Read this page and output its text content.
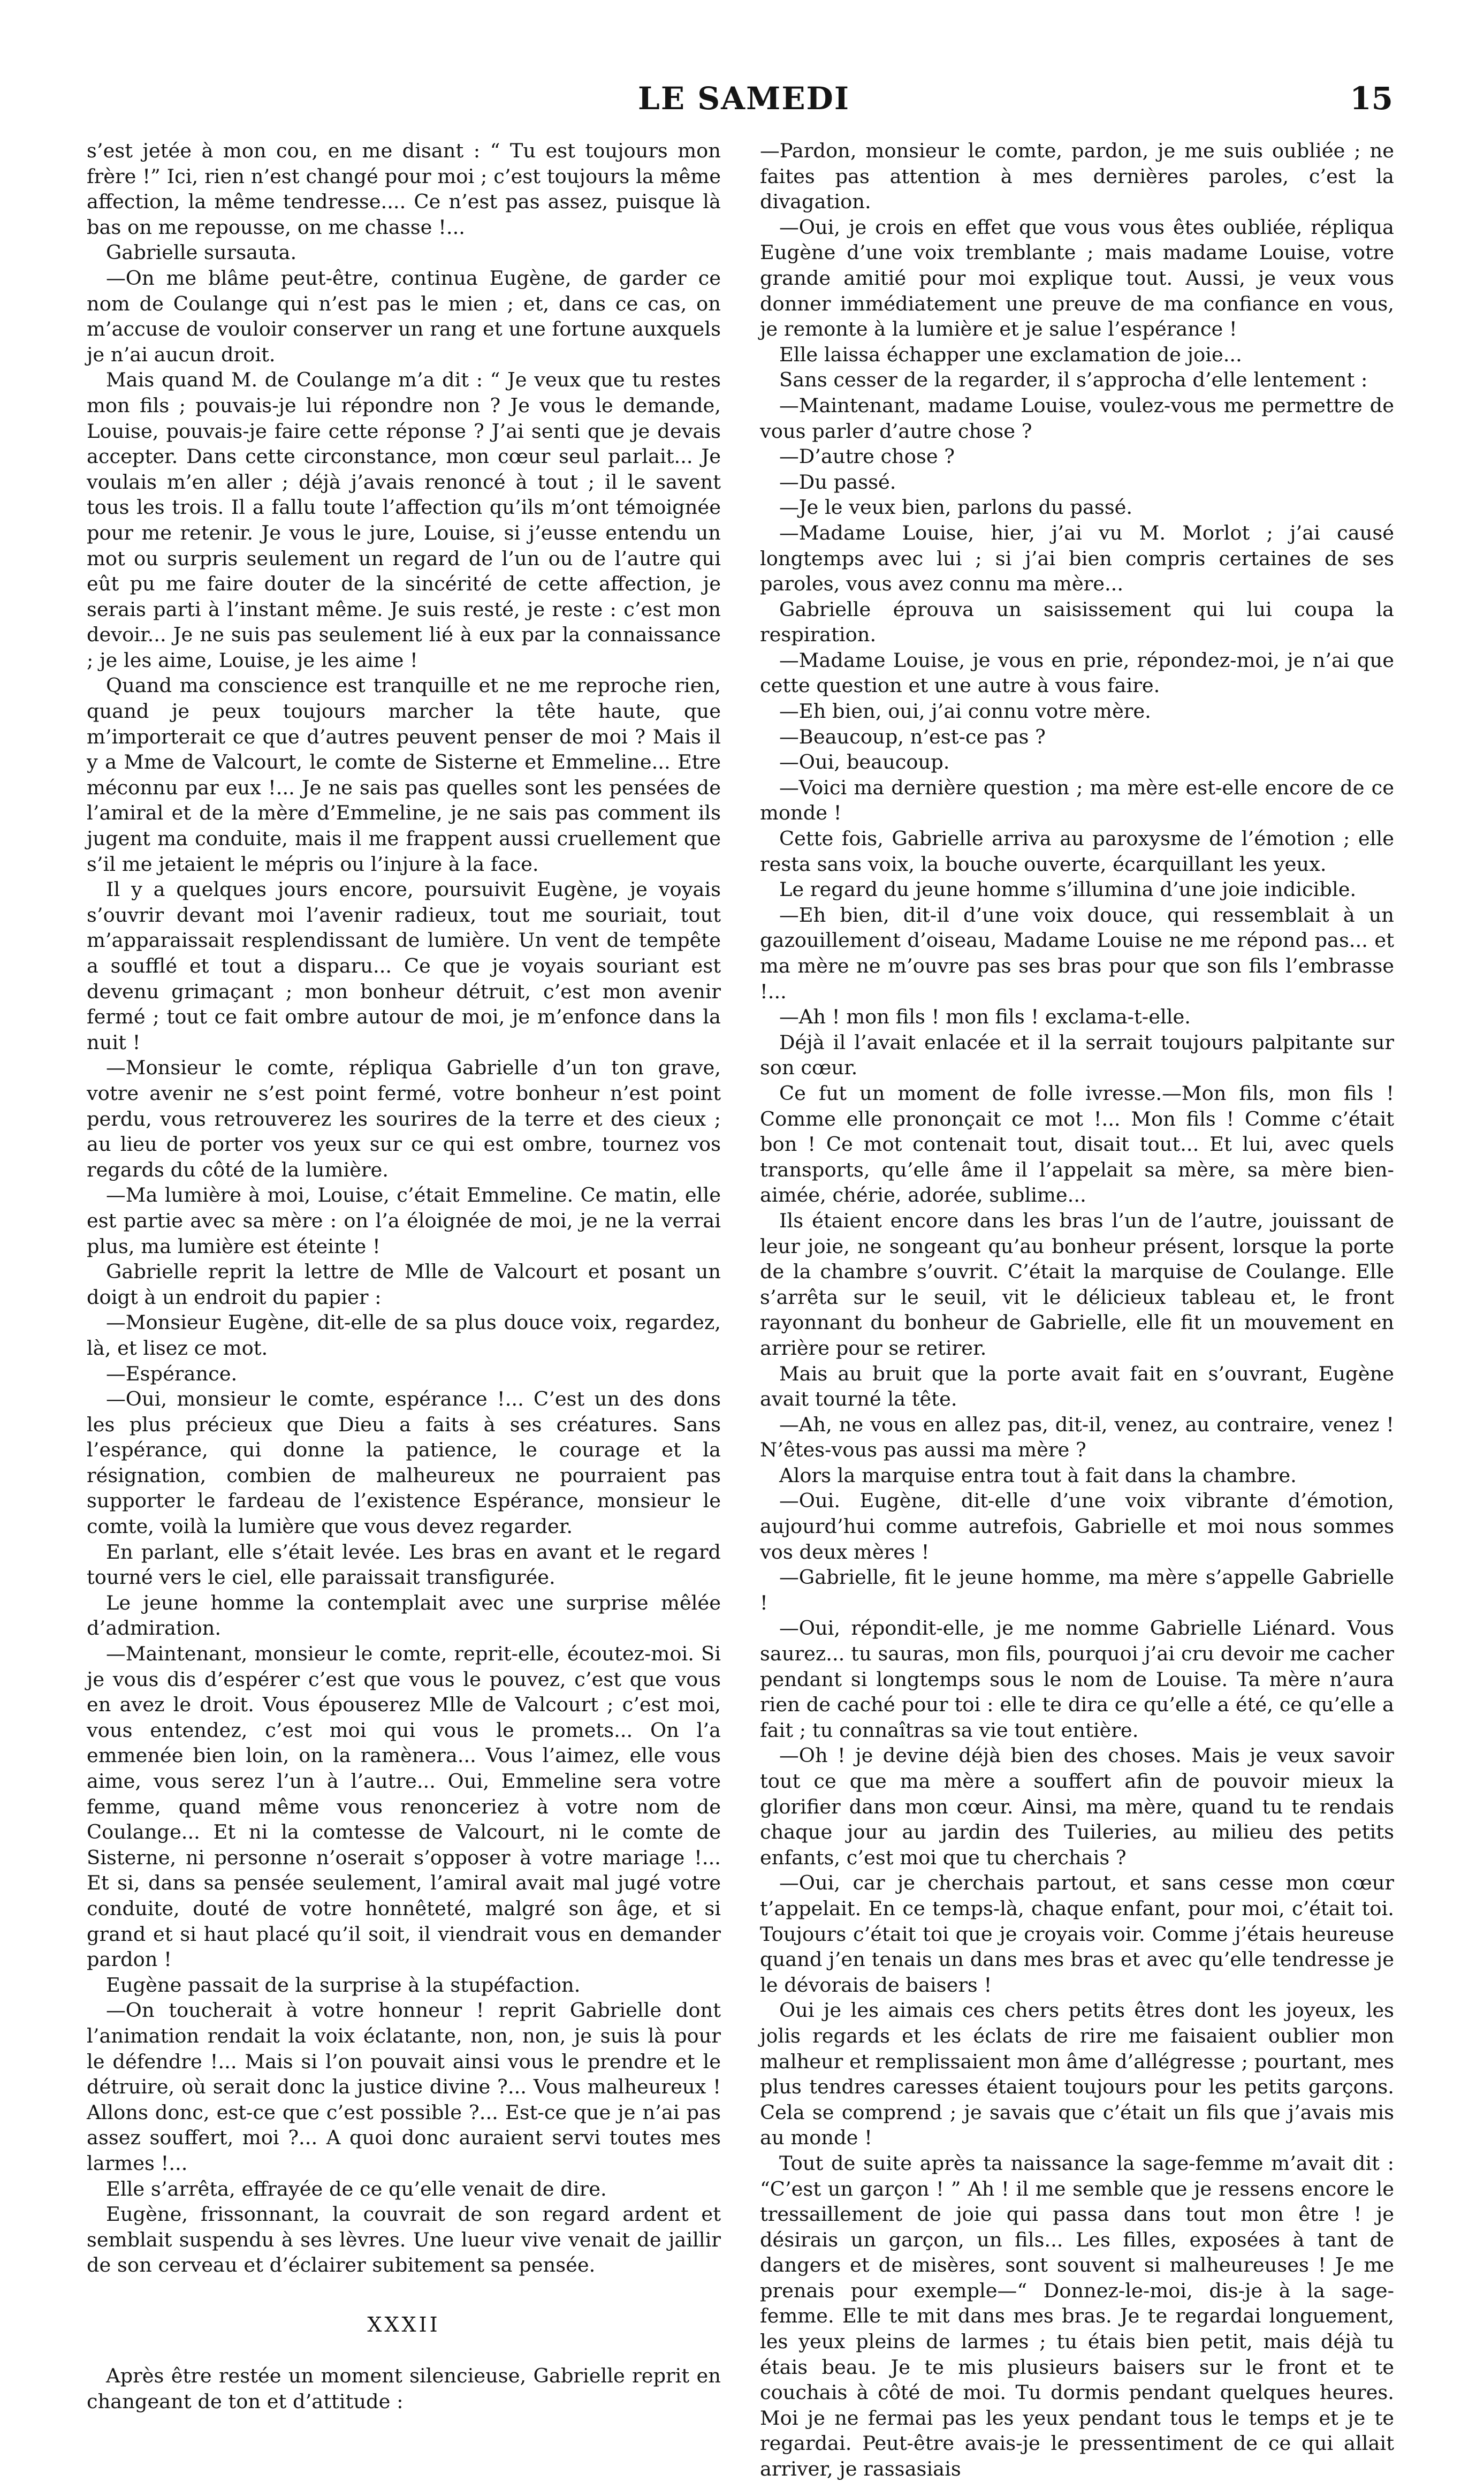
LE SAMEDI	15

s’est jetée à mon cou, en me disant : “ Tu est toujours mon frère !” Ici, rien n’est changé pour moi ; c’est toujours la même affection, la même tendresse.... Ce n’est pas assez, puisque là bas on me repousse, on me chasse !...

Gabrielle sursauta.

—On me blâme peut-être, continua Eugène, de garder ce nom de Coulange qui n’est pas le mien ; et, dans ce cas, on m’accuse de vouloir conserver un rang et une fortune auxquels je n’ai aucun droit.

Mais quand M. de Coulange m’a dit : “ Je veux que tu restes mon fils ; pouvais-je lui répondre non ? Je vous le demande, Louise, pouvais-je faire cette réponse ? J’ai senti que je devais accepter. Dans cette circonstance, mon cœur seul parlait... Je voulais m’en aller ; déjà j’avais renoncé à tout ; il le savent tous les trois. Il a fallu toute l’affection qu’ils m’ont témoignée pour me retenir. Je vous le jure, Louise, si j’eusse entendu un mot ou surpris seulement un regard de l’un ou de l’autre qui eût pu me faire douter de la sincérité de cette affection, je serais parti à l’instant même. Je suis resté, je reste : c’est mon devoir... Je ne suis pas seulement lié à eux par la connaissance ; je les aime, Louise, je les aime !

Quand ma conscience est tranquille et ne me reproche rien, quand je peux toujours marcher la tête haute, que m’importerait ce que d’autres peuvent penser de moi ? Mais il y a Mme de Valcourt, le comte de Sisterne et Emmeline... Etre méconnu par eux !... Je ne sais pas quelles sont les pensées de l’amiral et de la mère d’Emmeline, je ne sais pas comment ils jugent ma conduite, mais il me frappent aussi cruellement que s’il me jetaient le mépris ou l’injure à la face.

Il y a quelques jours encore, poursuivit Eugène, je voyais s’ouvrir devant moi l’avenir radieux, tout me souriait, tout m’apparaissait resplendissant de lumière. Un vent de tempête a soufflé et tout a disparu... Ce que je voyais souriant est devenu grimaçant ; mon bonheur détruit, c’est mon avenir fermé ; tout ce fait ombre autour de moi, je m’enfonce dans la nuit !

—Monsieur le comte, répliqua Gabrielle d’un ton grave, votre avenir ne s’est point fermé, votre bonheur n’est point perdu, vous retrouverez les sourires de la terre et des cieux ; au lieu de porter vos yeux sur ce qui est ombre, tournez vos regards du côté de la lumière.

—Ma lumière à moi, Louise, c’était Emmeline. Ce matin, elle est partie avec sa mère : on l’a éloignée de moi, je ne la verrai plus, ma lumière est éteinte !

Gabrielle reprit la lettre de Mlle de Valcourt et posant un doigt à un endroit du papier :

—Monsieur Eugène, dit-elle de sa plus douce voix, regardez, là, et lisez ce mot.

—Espérance.

—Oui, monsieur le comte, espérance !... C’est un des dons les plus précieux que Dieu a faits à ses créatures. Sans l’espérance, qui donne la patience, le courage et la résignation, combien de malheureux ne pourraient pas supporter le fardeau de l’existence Espérance, monsieur le comte, voilà la lumière que vous devez regarder.

En parlant, elle s’était levée. Les bras en avant et le regard tourné vers le ciel, elle paraissait transfigurée.

Le jeune homme la contemplait avec une surprise mêlée d’admiration.

—Maintenant, monsieur le comte, reprit-elle, écoutez-moi. Si je vous dis d’espérer c’est que vous le pouvez, c’est que vous en avez le droit. Vous épouserez Mlle de Valcourt ; c’est moi, vous entendez, c’est moi qui vous le promets... On l’a emmenée bien loin, on la ramènera... Vous l’aimez, elle vous aime, vous serez l’un à l’autre... Oui, Emmeline sera votre femme, quand même vous renonceriez à votre nom de Coulange... Et ni la comtesse de Valcourt, ni le comte de Sisterne, ni personne n’oserait s’opposer à votre mariage !... Et si, dans sa pensée seulement, l’amiral avait mal jugé votre conduite, douté de votre honnêteté, malgré son âge, et si grand et si haut placé qu’il soit, il viendrait vous en demander pardon !

Eugène passait de la surprise à la stupéfaction.

—On toucherait à votre honneur ! reprit Gabrielle dont l’animation rendait la voix éclatante, non, non, je suis là pour le défendre !... Mais si l’on pouvait ainsi vous le prendre et le détruire, où serait donc la justice divine ?... Vous malheureux ! Allons donc, est-ce que c’est possible ?... Est-ce que je n’ai pas assez souffert, moi ?... A quoi donc auraient servi toutes mes larmes !...

Elle s’arrêta, effrayée de ce qu’elle venait de dire.

Eugène, frissonnant, la couvrait de son regard ardent et semblait suspendu à ses lèvres. Une lueur vive venait de jaillir de son cerveau et d’éclairer subitement sa pensée.

XXXII

Après être restée un moment silencieuse, Gabrielle reprit en changeant de ton et d’attitude :

—Pardon, monsieur le comte, pardon, je me suis oubliée ; ne faites pas attention à mes dernières paroles, c’est la divagation.

—Oui, je crois en effet que vous vous êtes oubliée, répliqua Eugène d’une voix tremblante ; mais madame Louise, votre grande amitié pour moi explique tout. Aussi, je veux vous donner immédiatement une preuve de ma confiance en vous, je remonte à la lumière et je salue l’espérance !

Elle laissa échapper une exclamation de joie...

Sans cesser de la regarder, il s’approcha d’elle lentement :

—Maintenant, madame Louise, voulez-vous me permettre de vous parler d’autre chose ?

—D’autre chose ?

—Du passé.

—Je le veux bien, parlons du passé.

—Madame Louise, hier, j’ai vu M. Morlot ; j’ai causé longtemps avec lui ; si j’ai bien compris certaines de ses paroles, vous avez connu ma mère...

Gabrielle éprouva un saisissement qui lui coupa la respiration.

—Madame Louise, je vous en prie, répondez-moi, je n’ai que cette question et une autre à vous faire.

—Eh bien, oui, j’ai connu votre mère.

—Beaucoup, n’est-ce pas ?

—Oui, beaucoup.

—Voici ma dernière question ; ma mère est-elle encore de ce monde !

Cette fois, Gabrielle arriva au paroxysme de l’émotion ; elle resta sans voix, la bouche ouverte, écarquillant les yeux.

Le regard du jeune homme s’illumina d’une joie indicible.

—Eh bien, dit-il d’une voix douce, qui ressemblait à un gazouillement d’oiseau, Madame Louise ne me répond pas... et ma mère ne m’ouvre pas ses bras pour que son fils l’embrasse !...

—Ah ! mon fils ! mon fils ! exclama-t-elle.

Déjà il l’avait enlacée et il la serrait toujours palpitante sur son cœur.

Ce fut un moment de folle ivresse.—Mon fils, mon fils ! Comme elle prononçait ce mot !... Mon fils ! Comme c’était bon ! Ce mot contenait tout, disait tout... Et lui, avec quels transports, qu’elle âme il l’appelait sa mère, sa mère bien-aimée, chérie, adorée, sublime...

Ils étaient encore dans les bras l’un de l’autre, jouissant de leur joie, ne songeant qu’au bonheur présent, lorsque la porte de la chambre s’ouvrit. C’était la marquise de Coulange. Elle s’arrêta sur le seuil, vit le délicieux tableau et, le front rayonnant du bonheur de Gabrielle, elle fit un mouvement en arrière pour se retirer.

Mais au bruit que la porte avait fait en s’ouvrant, Eugène avait tourné la tête.

—Ah, ne vous en allez pas, dit-il, venez, au contraire, venez ! N’êtes-vous pas aussi ma mère ?

Alors la marquise entra tout à fait dans la chambre.

—Oui. Eugène, dit-elle d’une voix vibrante d’émotion, aujourd’hui comme autrefois, Gabrielle et moi nous sommes vos deux mères !

—Gabrielle, fit le jeune homme, ma mère s’appelle Gabrielle !

—Oui, répondit-elle, je me nomme Gabrielle Liénard. Vous saurez... tu sauras, mon fils, pourquoi j’ai cru devoir me cacher pendant si longtemps sous le nom de Louise. Ta mère n’aura rien de caché pour toi : elle te dira ce qu’elle a été, ce qu’elle a fait ; tu connaîtras sa vie tout entière.

—Oh ! je devine déjà bien des choses. Mais je veux savoir tout ce que ma mère a souffert afin de pouvoir mieux la glorifier dans mon cœur. Ainsi, ma mère, quand tu te rendais chaque jour au jardin des Tuileries, au milieu des petits enfants, c’est moi que tu cherchais ?

—Oui, car je cherchais partout, et sans cesse mon cœur t’appelait. En ce temps-là, chaque enfant, pour moi, c’était toi. Toujours c’était toi que je croyais voir. Comme j’étais heureuse quand j’en tenais un dans mes bras et avec qu’elle tendresse je le dévorais de baisers !

Oui je les aimais ces chers petits êtres dont les joyeux, les jolis regards et les éclats de rire me faisaient oublier mon malheur et remplissaient mon âme d’allégresse ; pourtant, mes plus tendres caresses étaient toujours pour les petits garçons. Cela se comprend ; je savais que c’était un fils que j’avais mis au monde !

Tout de suite après ta naissance la sage-femme m’avait dit : “C’est un garçon ! ” Ah ! il me semble que je ressens encore le tressaillement de joie qui passa dans tout mon être ! je désirais un garçon, un fils... Les filles, exposées à tant de dangers et de misères, sont souvent si malheureuses ! Je me prenais pour exemple—“ Donnez-le-moi, dis-je à la sage-femme. Elle te mit dans mes bras. Je te regardai longuement, les yeux pleins de larmes ; tu étais bien petit, mais déjà tu étais beau. Je te mis plusieurs baisers sur le front et te couchais à côté de moi. Tu dormis pendant quelques heures. Moi je ne fermai pas les yeux pendant tous le temps et je te regardai. Peut-être avais-je le pressentiment de ce qui allait arriver, je rassasiais
